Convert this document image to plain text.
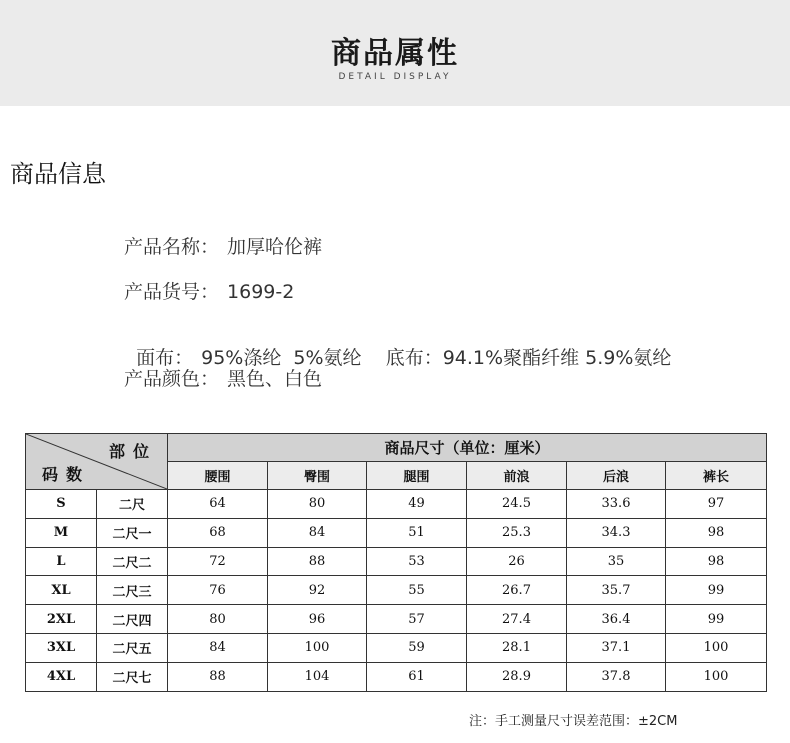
商品属性
DETAIL DISPLAY
商品信息
产品名称： 加厚哈伦裤
产品货号： 1699-2

面布： 95%涤纶  5%氨纶    底布：94.1%聚酯纤维 5.9%氨纶

产品颜色： 黑色、白色
部位
码数		商品尺寸（单位：厘米）					
		腰围	臀围	腿围	前浪	后浪	裤长
S	二尺	64	80	49	24.5	33.6	97
M	二尺一	68	84	51	25.3	34.3	98
L	二尺二	72	88	53	26	35	98
XL	二尺三	76	92	55	26.7	35.7	99
2XL	二尺四	80	96	57	27.4	36.4	99
3XL	二尺五	84	100	59	28.1	37.1	100
4XL	二尺七	88	104	61	28.9	37.8	100
注：手工测量尺寸误差范围：±2CM
